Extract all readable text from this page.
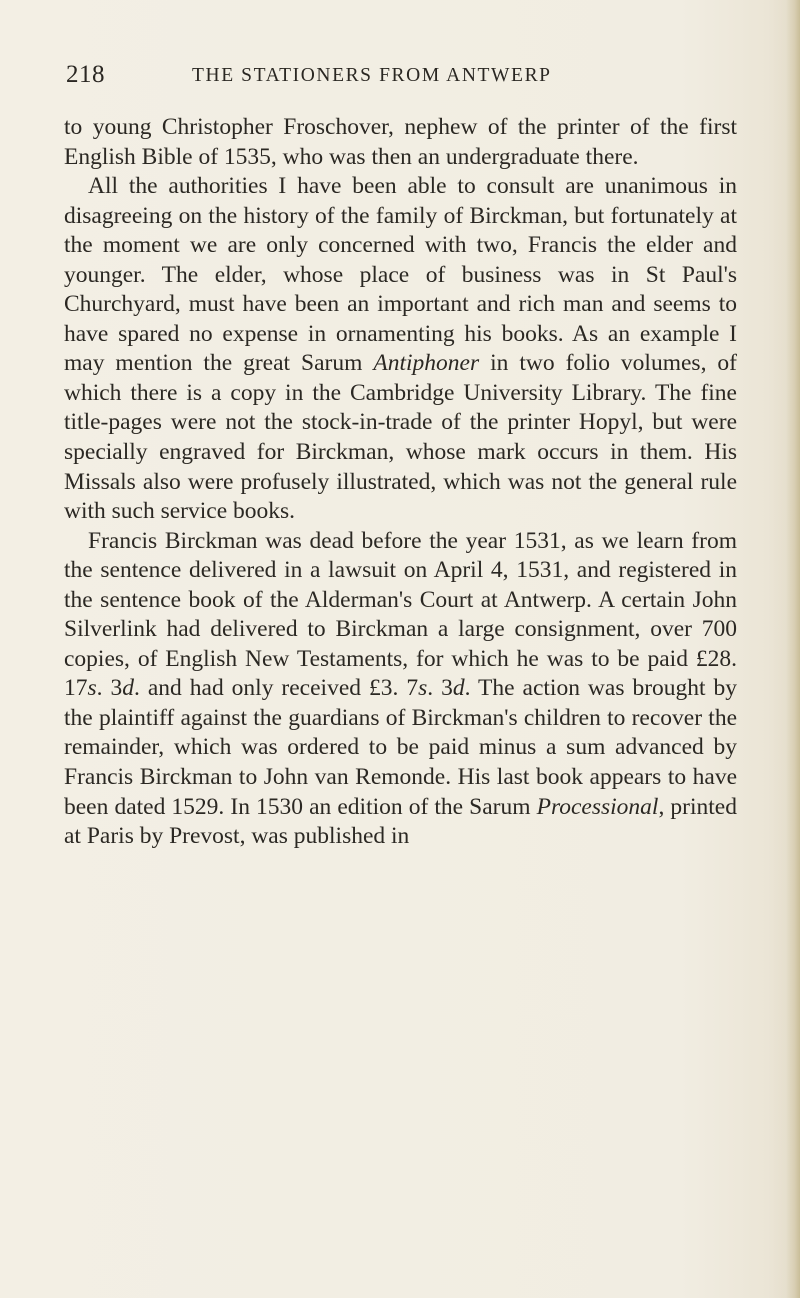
218	THE STATIONERS FROM ANTWERP

to young Christopher Froschover, nephew of the printer of the first English Bible of 1535, who was then an undergraduate there.

All the authorities I have been able to consult are unanimous in disagreeing on the history of the family of Birckman, but fortunately at the moment we are only concerned with two, Francis the elder and younger. The elder, whose place of business was in St Paul's Churchyard, must have been an important and rich man and seems to have spared no expense in ornamenting his books. As an example I may mention the great Sarum Antiphoner in two folio volumes, of which there is a copy in the Cambridge University Library. The fine title-pages were not the stock-in-trade of the printer Hopyl, but were specially engraved for Birckman, whose mark occurs in them. His Missals also were profusely illustrated, which was not the general rule with such service books.

Francis Birckman was dead before the year 1531, as we learn from the sentence delivered in a lawsuit on April 4, 1531, and registered in the sentence book of the Alderman's Court at Antwerp. A certain John Silverlink had delivered to Birckman a large consignment, over 700 copies, of English New Testaments, for which he was to be paid £28. 17s. 3d. and had only received £3. 7s. 3d. The action was brought by the plaintiff against the guardians of Birckman's children to recover the remainder, which was ordered to be paid minus a sum advanced by Francis Birckman to John van Remonde. His last book appears to have been dated 1529. In 1530 an edition of the Sarum Processional, printed at Paris by Prevost, was published in
